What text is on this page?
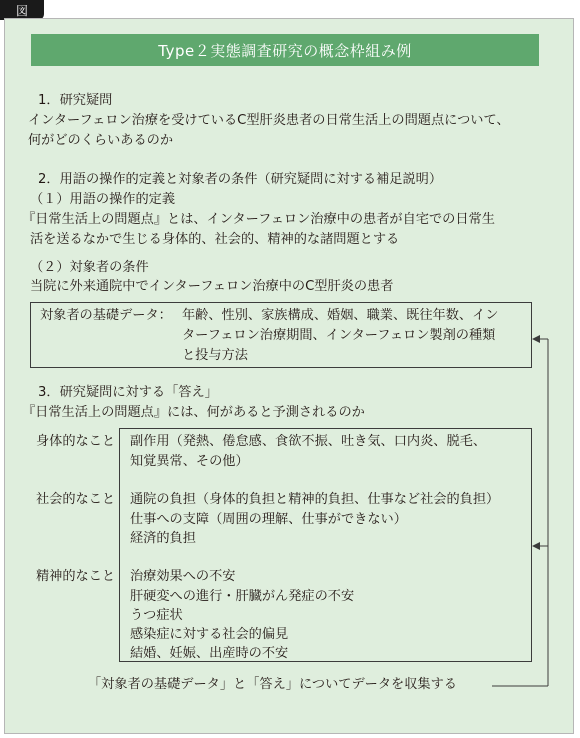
図
Type２実態調査研究の概念枠組み例
1．研究疑問
インターフェロン治療を受けているC型肝炎患者の日常生活上の問題点について、
何がどのくらいあるのか
2．用語の操作的定義と対象者の条件（研究疑問に対する補足説明）
（１）用語の操作的定義
『日常生活上の問題点』とは、インターフェロン治療中の患者が自宅での日常生
活を送るなかで生じる身体的、社会的、精神的な諸問題とする
（２）対象者の条件
当院に外来通院中でインターフェロン治療中のC型肝炎の患者
対象者の基礎データ： 年齢、性別、家族構成、婚姻、職業、既往年数、イン
ターフェロン治療期間、インターフェロン製剤の種類
と投与方法
3．研究疑問に対する「答え」
『日常生活上の問題点』には、何があると予測されるのか
身体的なこと 副作用（発熱、倦怠感、食欲不振、吐き気、口内炎、脱毛、
知覚異常、その他）
社会的なこと 通院の負担（身体的負担と精神的負担、仕事など社会的負担）
仕事への支障（周囲の理解、仕事ができない）
経済的負担
精神的なこと 治療効果への不安
肝硬変への進行・肝臓がん発症の不安
うつ症状
感染症に対する社会的偏見
結婚、妊娠、出産時の不安
「対象者の基礎データ」と「答え」についてデータを収集する
